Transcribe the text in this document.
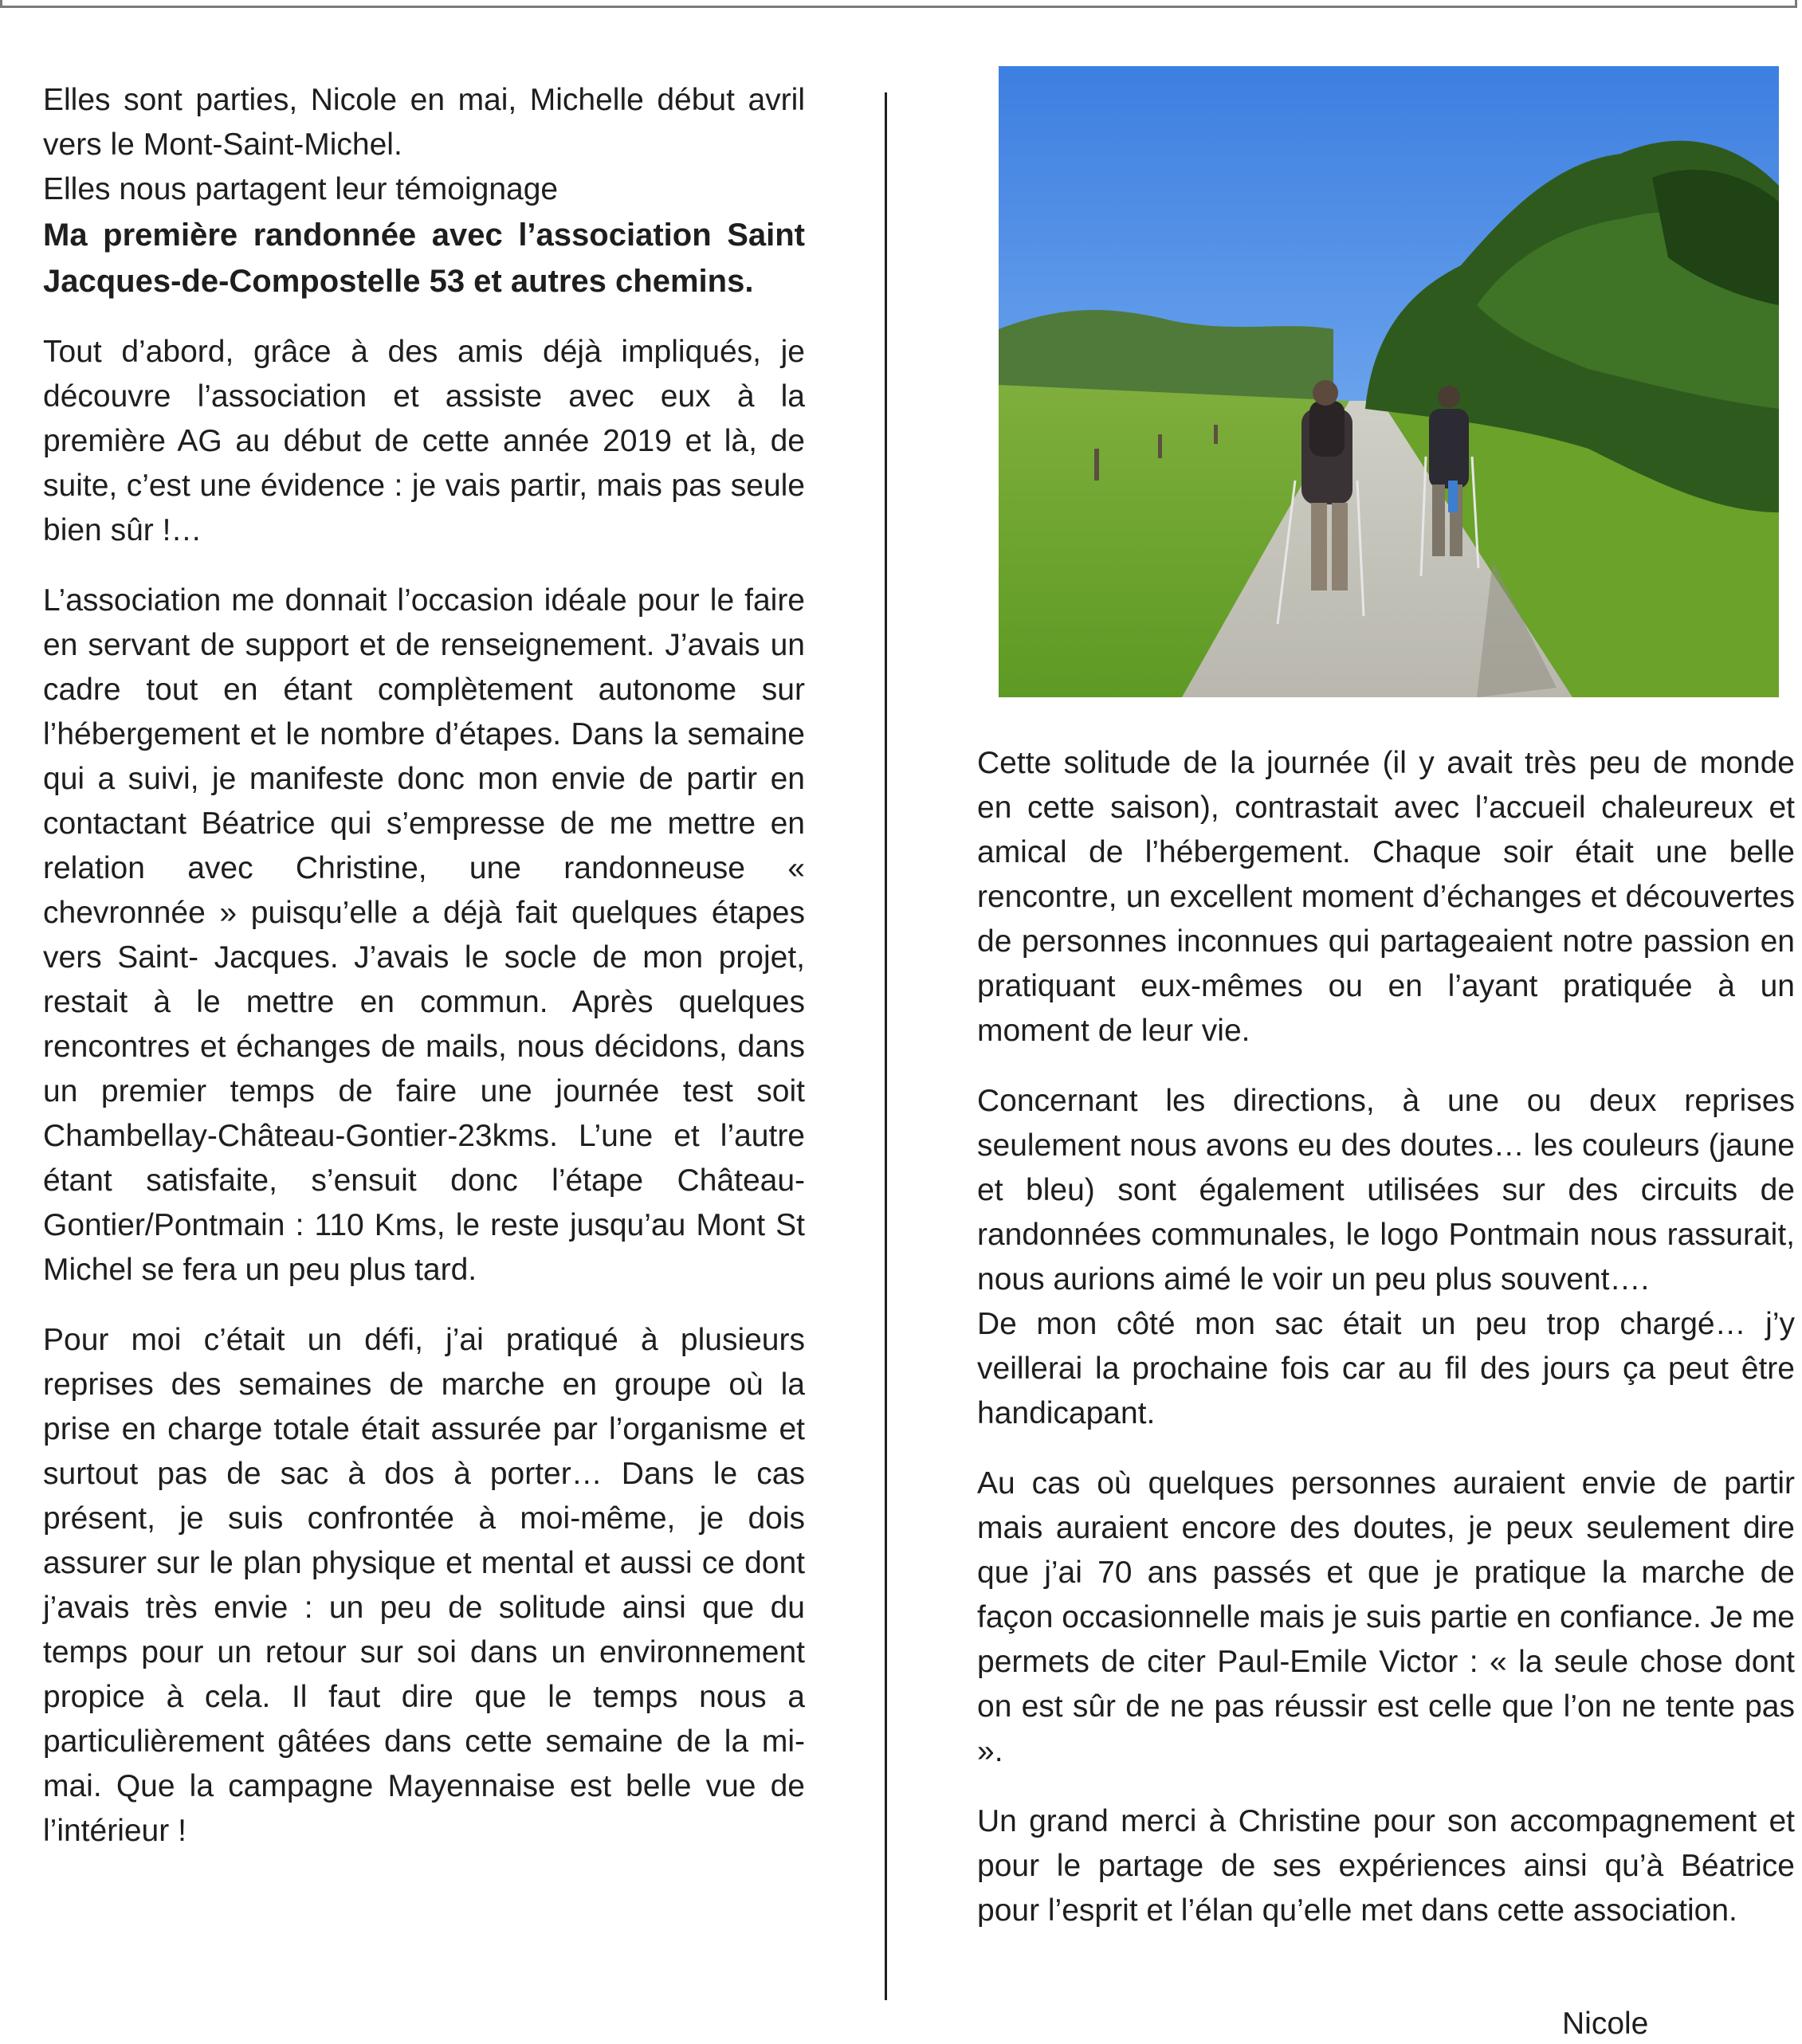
Elles sont parties, Nicole en mai, Michelle début avril vers le Mont-Saint-Michel.

Elles nous partagent leur témoignage

Ma première randonnée avec l’association Saint Jacques-de-Compostelle 53 et autres chemins.

Tout d’abord, grâce à des amis déjà impliqués, je découvre l’association et assiste avec eux à la première AG au début de cette année 2019 et là, de suite, c’est une évidence : je vais partir, mais pas seule bien sûr !…

L’association me donnait l’occasion idéale pour le faire en servant de support et de renseignement. J’avais un cadre tout en étant complètement autonome sur l’hébergement et le nombre d’étapes. Dans la semaine qui a suivi, je manifeste donc mon envie de partir en contactant Béatrice qui s’empresse de me mettre en relation avec Christine, une randonneuse « chevronnée » puisqu’elle a déjà fait quelques étapes vers Saint- Jacques. J’avais le socle de mon projet, restait à le mettre en commun. Après quelques rencontres et échanges de mails, nous décidons, dans un premier temps de faire une journée test soit Chambellay-Château-Gontier-23kms. L’une et l’autre étant satisfaite, s’ensuit donc l’étape Château-Gontier/Pontmain : 110 Kms, le reste jusqu’au Mont St Michel se fera un peu plus tard.

Pour moi c’était un défi, j’ai pratiqué à plusieurs reprises des semaines de marche en groupe où la prise en charge totale était assurée par l’organisme et surtout pas de sac à dos à porter… Dans le cas présent, je suis confrontée à moi-même, je dois assurer sur le plan physique et mental et aussi ce dont j’avais très envie : un peu de solitude ainsi que du temps pour un retour sur soi dans un environnement propice à cela. Il faut dire que le temps nous a particulièrement gâtées dans cette semaine de la mi-mai. Que la campagne Mayennaise est belle vue de l’intérieur !

Cette solitude de la journée (il y avait très peu de monde en cette saison), contrastait avec l’accueil chaleureux et amical de l’hébergement. Chaque soir était une belle rencontre, un excellent moment d’échanges et découvertes de personnes inconnues qui partageaient notre passion en pratiquant eux-mêmes ou en l’ayant pratiquée à un moment de leur vie.

Concernant les directions, à une ou deux reprises seulement nous avons eu des doutes… les couleurs (jaune et bleu) sont également utilisées sur des circuits de randonnées communales, le logo Pontmain nous rassurait, nous aurions aimé le voir un peu plus souvent….

De mon côté mon sac était un peu trop chargé… j’y veillerai la prochaine fois car au fil des jours ça peut être handicapant.

Au cas où quelques personnes auraient envie de partir mais auraient encore des doutes, je peux seulement dire que j’ai 70 ans passés et que je pratique la marche de façon occasionnelle mais je suis partie en confiance. Je me permets de citer Paul-Emile Victor : « la seule chose dont on est sûr de ne pas réussir est celle que l’on ne tente pas ».

Un grand merci à Christine pour son accompagnement et pour le partage de ses expériences ainsi qu’à Béatrice pour l’esprit et l’élan qu’elle met dans cette association.

Nicole
